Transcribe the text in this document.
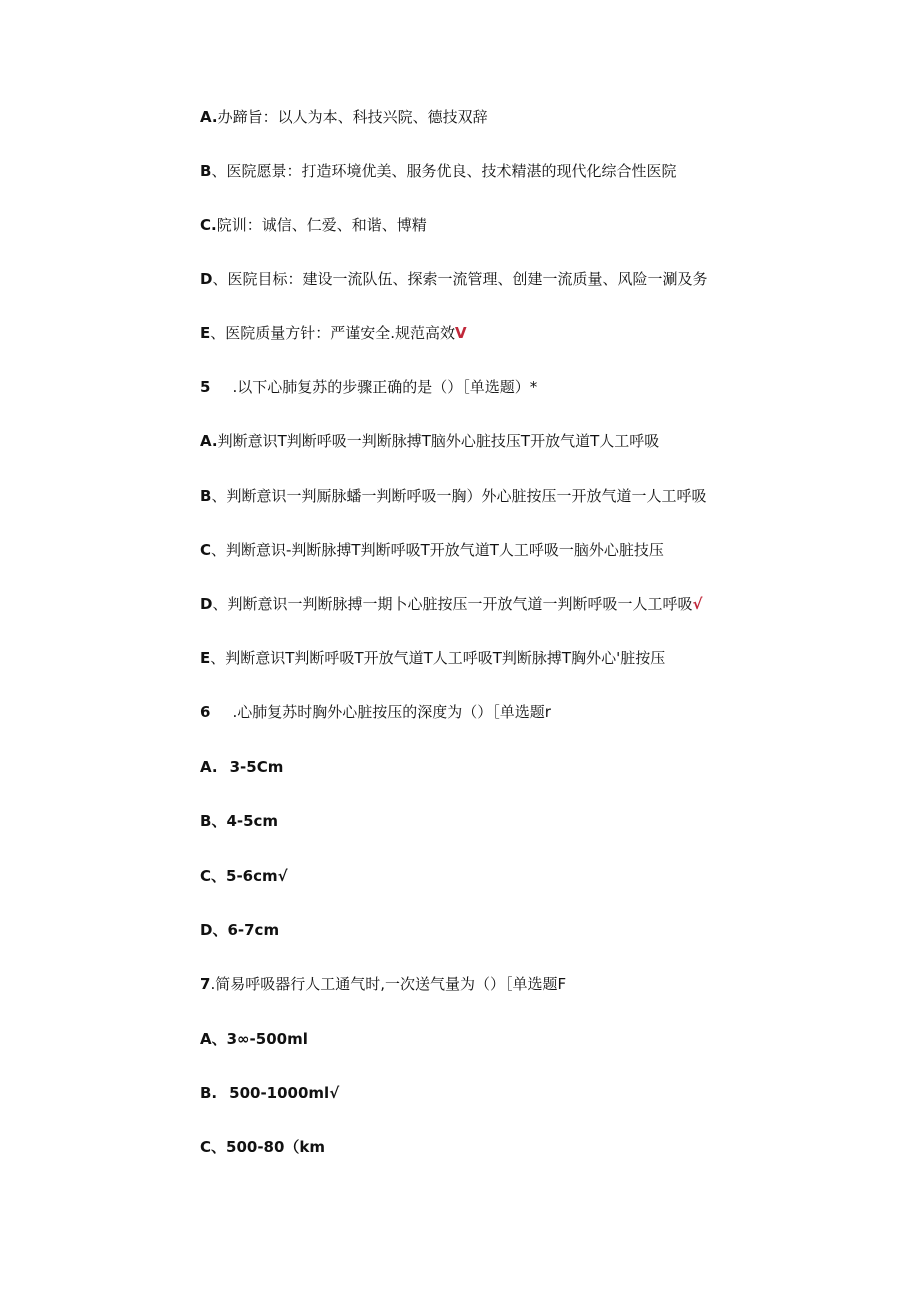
A.办蹄旨：以人为本、科技兴院、德技双辞
B、医院愿景：打造环境优美、服务优良、技术精湛的现代化综合性医院
C.院训：诚信、仁爱、和谐、博精
D、医院目标：建设一流队伍、探索一流管理、创建一流质量、风险一涮及务
E、医院质量方针：严谨安全.规范高效V
5 .以下心肺复苏的步骤正确的是（）［单选题）*
A.判断意识T判断呼吸一判断脉搏T脑外心脏技压T开放气道T人工呼吸
B、判断意识一判厮脉蟠一判断呼吸一胸）外心脏按压一开放气道一人工呼吸
C、判断意识-判断脉搏T判断呼吸T开放气道T人工呼吸一脑外心脏技压
D、判断意识一判断脉搏一期卜心脏按压一开放气道一判断呼吸一人工呼吸√
E、判断意识T判断呼吸T开放气道T人工呼吸T判断脉搏T胸外心'脏按压
6 .心肺复苏时胸外心脏按压的深度为（）［单选题r
A. 3-5Cm
B、4-5cm
C、5-6cm√
D、6-7cm
7.简易呼吸器行人工通气时,一次送气量为（）［单选题F
A、3∞-500ml
B. 500-1000ml√
C、500-80（km
